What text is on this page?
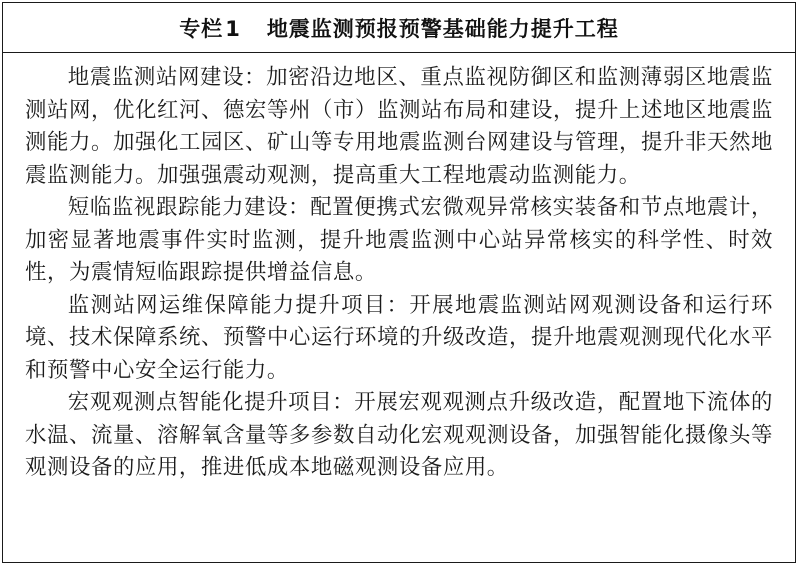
专栏1 地震监测预报预警基础能力提升工程

地震监测站网建设：加密沿边地区、重点监视防御区和监测薄弱区地震监测站网，优化红河、德宏等州（市）监测站布局和建设，提升上述地区地震监测能力。加强化工园区、矿山等专用地震监测台网建设与管理，提升非天然地震监测能力。加强强震动观测，提高重大工程地震动监测能力。

短临监视跟踪能力建设：配置便携式宏微观异常核实装备和节点地震计，加密显著地震事件实时监测，提升地震监测中心站异常核实的科学性、时效性，为震情短临跟踪提供增益信息。

监测站网运维保障能力提升项目：开展地震监测站网观测设备和运行环境、技术保障系统、预警中心运行环境的升级改造，提升地震观测现代化水平和预警中心安全运行能力。

宏观观测点智能化提升项目：开展宏观观测点升级改造，配置地下流体的水温、流量、溶解氧含量等多参数自动化宏观观测设备，加强智能化摄像头等观测设备的应用，推进低成本地磁观测设备应用。
